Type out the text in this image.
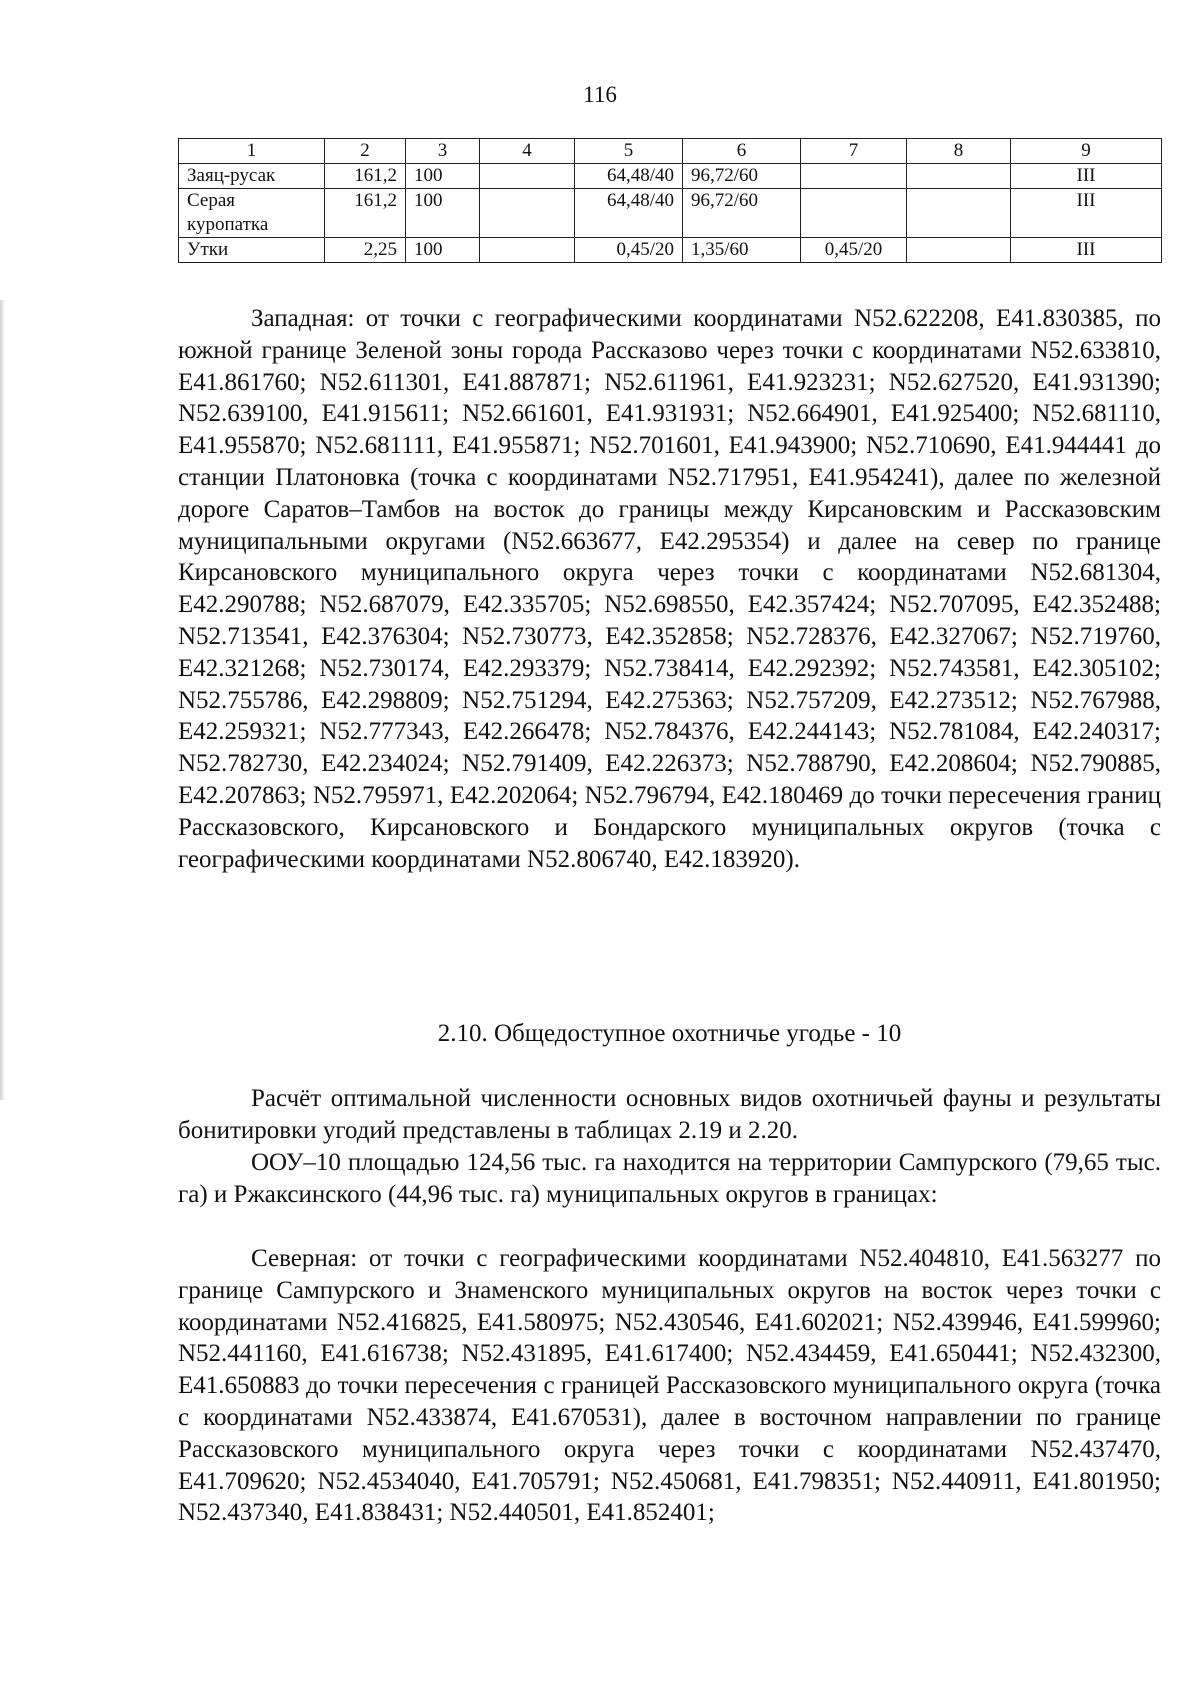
116
1	2	3	4	5	6	7	8	9
Заяц-русак	161,2	100		64,48/40	96,72/60			III
Серая куропатка	161,2	100		64,48/40	96,72/60			III
Утки	2,25	100		0,45/20	1,35/60	0,45/20		III

Западная: от точки с географическими координатами N52.622208, E41.830385, по южной границе Зеленой зоны города Рассказово через точки с координатами N52.633810, E41.861760; N52.611301, E41.887871; N52.611961, E41.923231; N52.627520, E41.931390; N52.639100, E41.915611; N52.661601, E41.931931; N52.664901, E41.925400; N52.681110, E41.955870; N52.681111, E41.955871; N52.701601, E41.943900; N52.710690, E41.944441 до станции Платоновка (точка с координатами N52.717951, E41.954241), далее по железной дороге Саратов–Тамбов на восток до границы между Кирсановским и Рассказовским муниципальными округами (N52.663677, E42.295354) и далее на север по границе Кирсановского муниципального округа через точки с координатами N52.681304, E42.290788; N52.687079, E42.335705; N52.698550, E42.357424; N52.707095, E42.352488; N52.713541, E42.376304; N52.730773, E42.352858; N52.728376, E42.327067; N52.719760, E42.321268; N52.730174, E42.293379; N52.738414, E42.292392; N52.743581, E42.305102; N52.755786, E42.298809; N52.751294, E42.275363; N52.757209, E42.273512; N52.767988, E42.259321; N52.777343, E42.266478; N52.784376, E42.244143; N52.781084, E42.240317; N52.782730, E42.234024; N52.791409, E42.226373; N52.788790, E42.208604; N52.790885, E42.207863; N52.795971, E42.202064; N52.796794, E42.180469 до точки пересечения границ Рассказовского, Кирсановского и Бондарского муниципальных округов (точка с географическими координатами N52.806740, E42.183920).

2.10. Общедоступное охотничье угодье - 10

Расчёт оптимальной численности основных видов охотничьей фауны и результаты бонитировки угодий представлены в таблицах 2.19 и 2.20.

ООУ–10 площадью 124,56 тыс. га находится на территории Сампурского (79,65 тыс. га) и Ржаксинского (44,96 тыс. га) муниципальных округов в границах:

Северная: от точки с географическими координатами N52.404810, E41.563277 по границе Сампурского и Знаменского муниципальных округов на восток через точки с координатами N52.416825, E41.580975; N52.430546, E41.602021; N52.439946, E41.599960; N52.441160, E41.616738; N52.431895, E41.617400; N52.434459, E41.650441; N52.432300, E41.650883 до точки пересечения с границей Рассказовского муниципального округа (точка с координатами N52.433874, E41.670531), далее в восточном направлении по границе Рассказовского муниципального округа через точки с координатами N52.437470, E41.709620; N52.4534040, E41.705791; N52.450681, E41.798351; N52.440911, E41.801950; N52.437340, E41.838431; N52.440501, E41.852401;
